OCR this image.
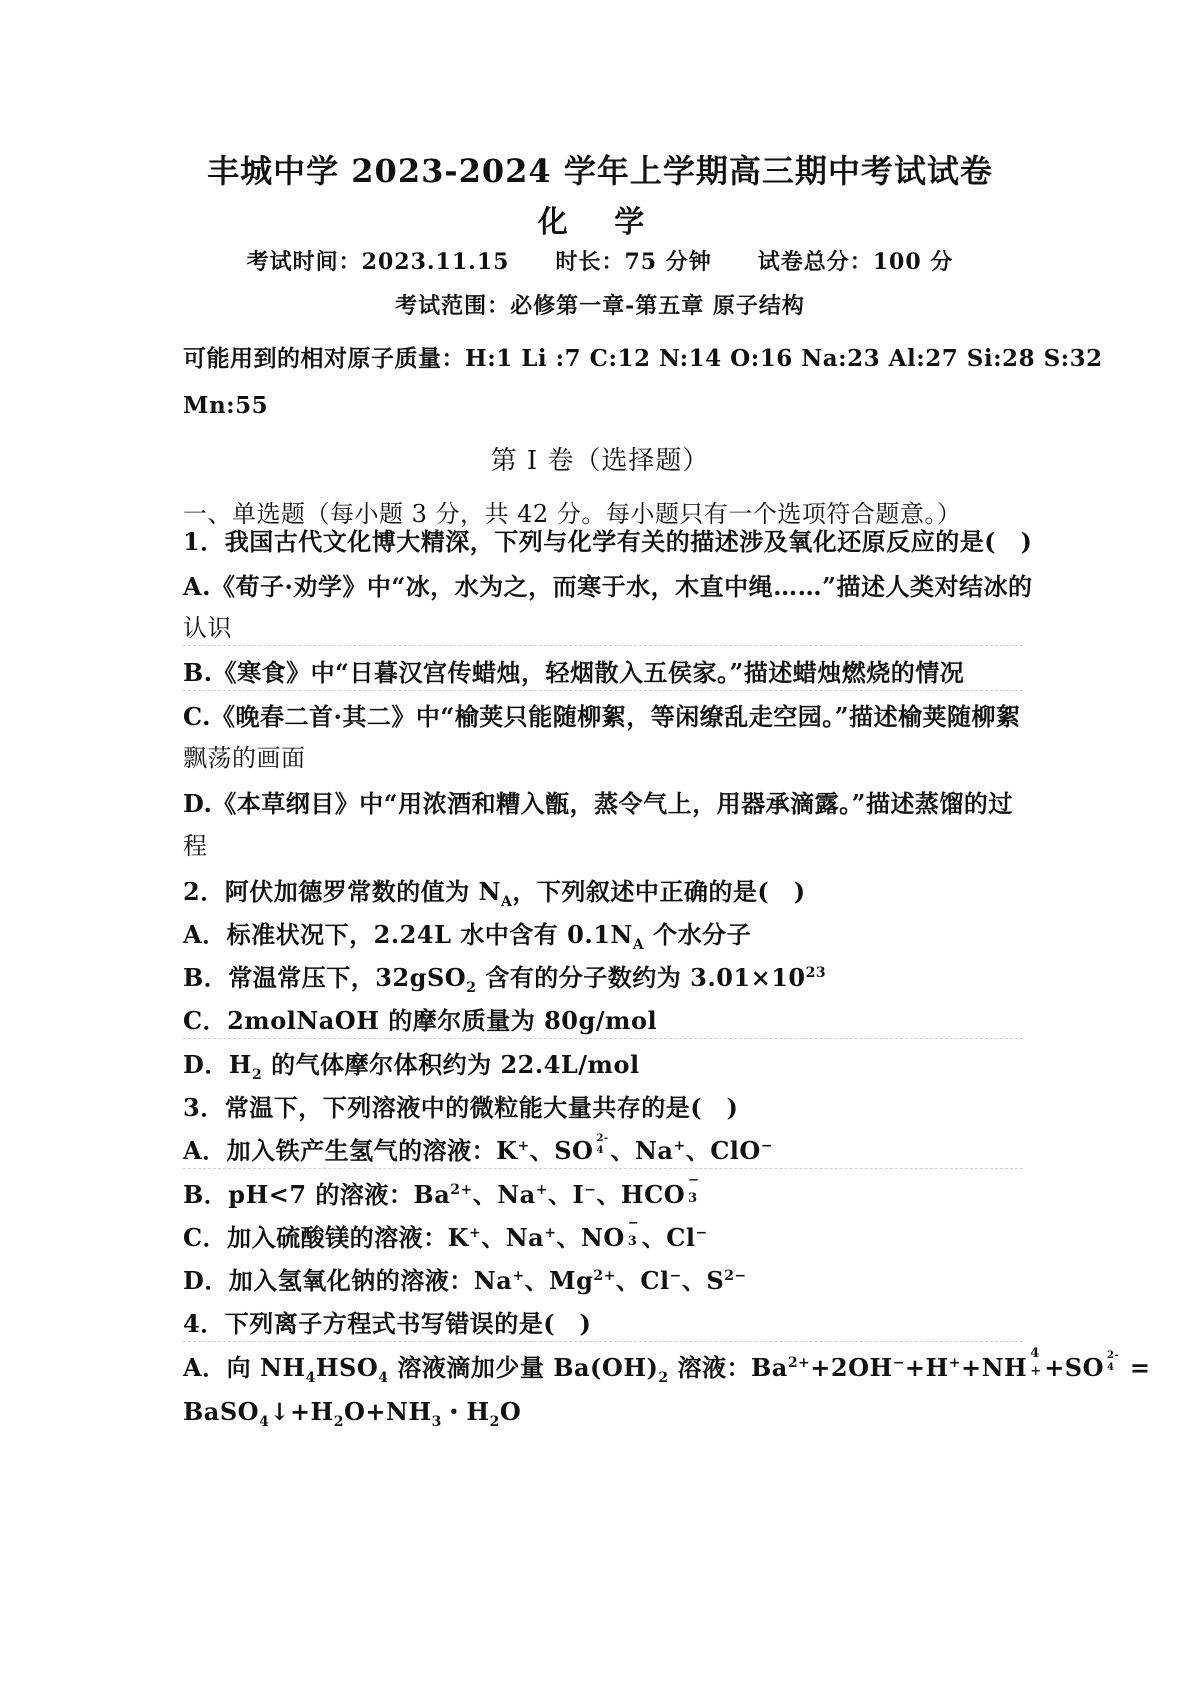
丰城中学 2023-2024 学年上学期高三期中考试试卷
化 学
考试时间：2023.11.15　　时长：75 分钟　　试卷总分：100 分
考试范围：必修第一章-第五章 原子结构
可能用到的相对原子质量：H:1 Li :7 C:12 N:14 O:16 Na:23 Al:27 Si:28 S:32
Mn:55
第 I 卷（选择题）
一、单选题（每小题 3 分，共 42 分。每小题只有一个选项符合题意。）
1．我国古代文化博大精深，下列与化学有关的描述涉及氧化还原反应的是(　)
A.《荀子·劝学》中“冰，水为之，而寒于水，木直中绳……”描述人类对结冰的
认识
B.《寒食》中“日暮汉宫传蜡烛，轻烟散入五侯家。”描述蜡烛燃烧的情况
C.《晚春二首·其二》中“榆荚只能随柳絮，等闲缭乱走空园。”描述榆荚随柳絮
飘荡的画面
D.《本草纲目》中“用浓酒和糟入甑，蒸令气上，用器承滴露。”描述蒸馏的过
程
2．阿伏加德罗常数的值为 $N_A$，下列叙述中正确的是(　)
A．标准状况下，2.24L 水中含有 $0.1N_A$ 个水分子
B．常温常压下，32gSO$_2$ 含有的分子数约为 $3.01\times 10^{23}$
C．2molNaOH 的摩尔质量为 80g/mol
D．$H_2$ 的气体摩尔体积约为 22.4L/mol
3．常温下，下列溶液中的微粒能大量共存的是(　)
A．加入铁产生氢气的溶液：K+、SO 2-
4 、Na+、ClO−
B．pH<7 的溶液：$Ba^{2+}$、Na+、I−、HCO −
3
C．加入硫酸镁的溶液：K+、Na+、NO −
3 、Cl−
D．加入氢氧化钠的溶液：Na+、$Mg^{2+}$、Cl−、$S^{2-}$
4．下列离子方程式书写错误的是(　)
A．向 $NH_4HSO_4$ 溶液滴加少量 $Ba(OH)_2$ 溶液：$Ba^{2+}+2OH^-+H^++NH$ 4
+ +SO 2-
4 =
$BaSO_4↓+H_2O+NH_3$・$H_2O$
